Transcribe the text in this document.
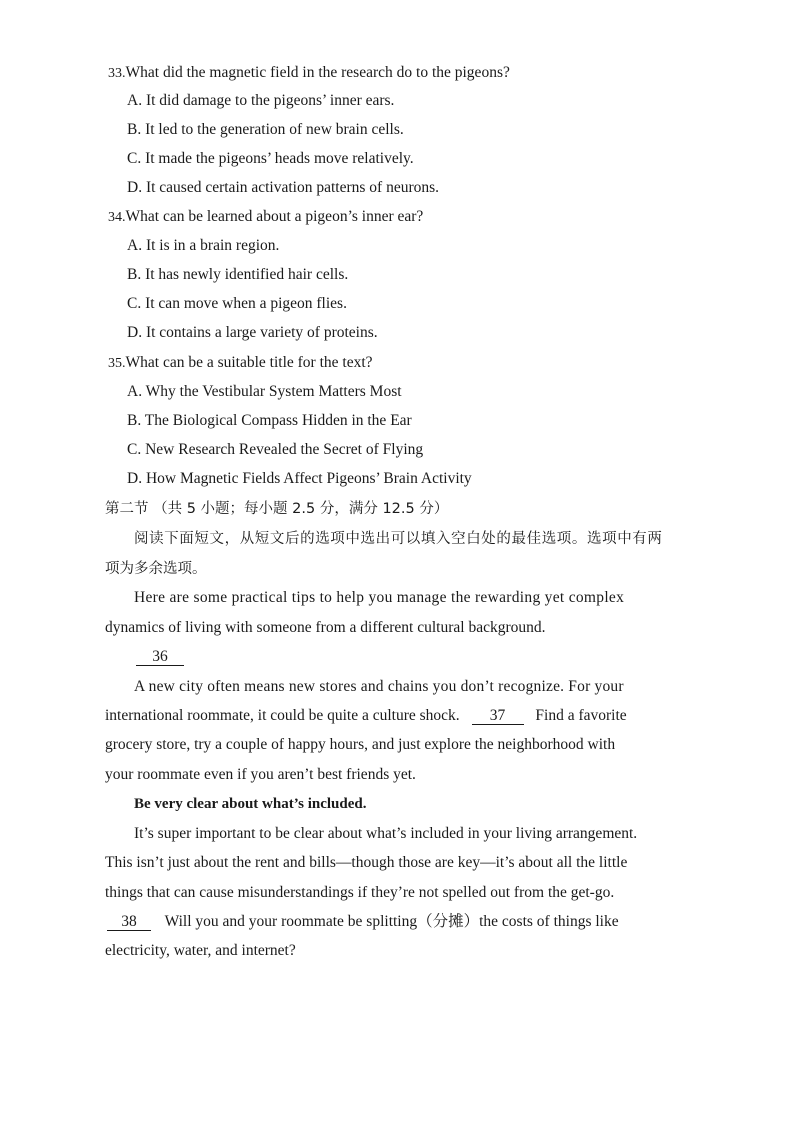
33.What did the magnetic field in the research do to the pigeons?
A. It did damage to the pigeons’ inner ears.
B. It led to the generation of new brain cells.
C. It made the pigeons’ heads move relatively.
D. It caused certain activation patterns of neurons.
34.What can be learned about a pigeon’s inner ear?
A. It is in a brain region.
B. It has newly identified hair cells.
C. It can move when a pigeon flies.
D. It contains a large variety of proteins.
35.What can be a suitable title for the text?
A. Why the Vestibular System Matters Most
B. The Biological Compass Hidden in the Ear
C. New Research Revealed the Secret of Flying
D. How Magnetic Fields Affect Pigeons’ Brain Activity
第二节 （共 5 小题；每小题 2.5 分，满分 12.5 分）
阅读下面短文，从短文后的选项中选出可以填入空白处的最佳选项。选项中有两
项为多余选项。
Here are some practical tips to help you manage the rewarding yet complex
dynamics of living with someone from a different cultural background.
36
A new city often means new stores and chains you don’t recognize. For your
international roommate, it could be quite a culture shock. 37 Find a favorite
grocery store, try a couple of happy hours, and just explore the neighborhood with
your roommate even if you aren’t best friends yet.
Be very clear about what’s included.
It’s super important to be clear about what’s included in your living arrangement.
This isn’t just about the rent and bills—though those are key—it’s about all the little
things that can cause misunderstandings if they’re not spelled out from the get-go.
38 Will you and your roommate be splitting（分摊）the costs of things like
electricity, water, and internet?
